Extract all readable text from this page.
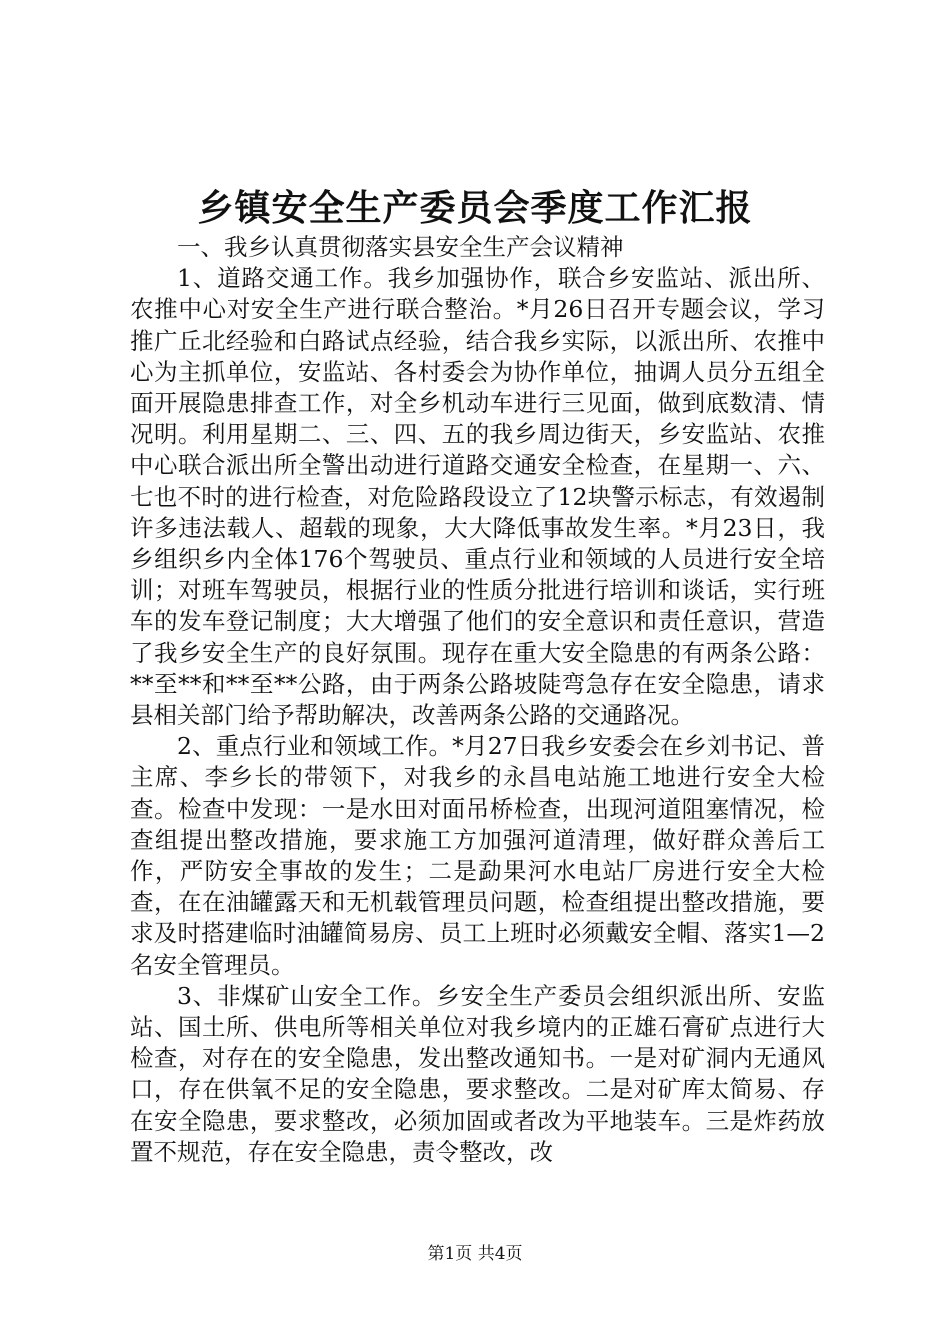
乡镇安全生产委员会季度工作汇报

一、我乡认真贯彻落实县安全生产会议精神

1、道路交通工作。我乡加强协作，联合乡安监站、派出所、农推中心对安全生产进行联合整治。*月26日召开专题会议，学习推广丘北经验和白路试点经验，结合我乡实际，以派出所、农推中心为主抓单位，安监站、各村委会为协作单位，抽调人员分五组全面开展隐患排查工作，对全乡机动车进行三见面，做到底数清、情况明。利用星期二、三、四、五的我乡周边街天，乡安监站、农推中心联合派出所全警出动进行道路交通安全检查，在星期一、六、七也不时的进行检查，对危险路段设立了12块警示标志，有效遏制许多违法载人、超载的现象，大大降低事故发生率。*月23日，我乡组织乡内全体176个驾驶员、重点行业和领域的人员进行安全培训；对班车驾驶员，根据行业的性质分批进行培训和谈话，实行班车的发车登记制度；大大增强了他们的安全意识和责任意识，营造了我乡安全生产的良好氛围。现存在重大安全隐患的有两条公路：**至**和**至**公路，由于两条公路坡陡弯急存在安全隐患，请求县相关部门给予帮助解决，改善两条公路的交通路况。

2、重点行业和领域工作。*月27日我乡安委会在乡刘书记、普主席、李乡长的带领下，对我乡的永昌电站施工地进行安全大检查。检查中发现：一是水田对面吊桥检查，出现河道阻塞情况，检查组提出整改措施，要求施工方加强河道清理，做好群众善后工作，严防安全事故的发生；二是勐果河水电站厂房进行安全大检查，在在油罐露天和无机载管理员问题，检查组提出整改措施，要求及时搭建临时油罐简易房、员工上班时必须戴安全帽、落实1—2名安全管理员。

3、非煤矿山安全工作。乡安全生产委员会组织派出所、安监站、国土所、供电所等相关单位对我乡境内的正雄石膏矿点进行大检查，对存在的安全隐患，发出整改通知书。一是对矿洞内无通风口，存在供氧不足的安全隐患，要求整改。二是对矿库太简易、存在安全隐患，要求整改，必须加固或者改为平地装车。三是炸药放置不规范，存在安全隐患，责令整改，改

第1页 共4页
